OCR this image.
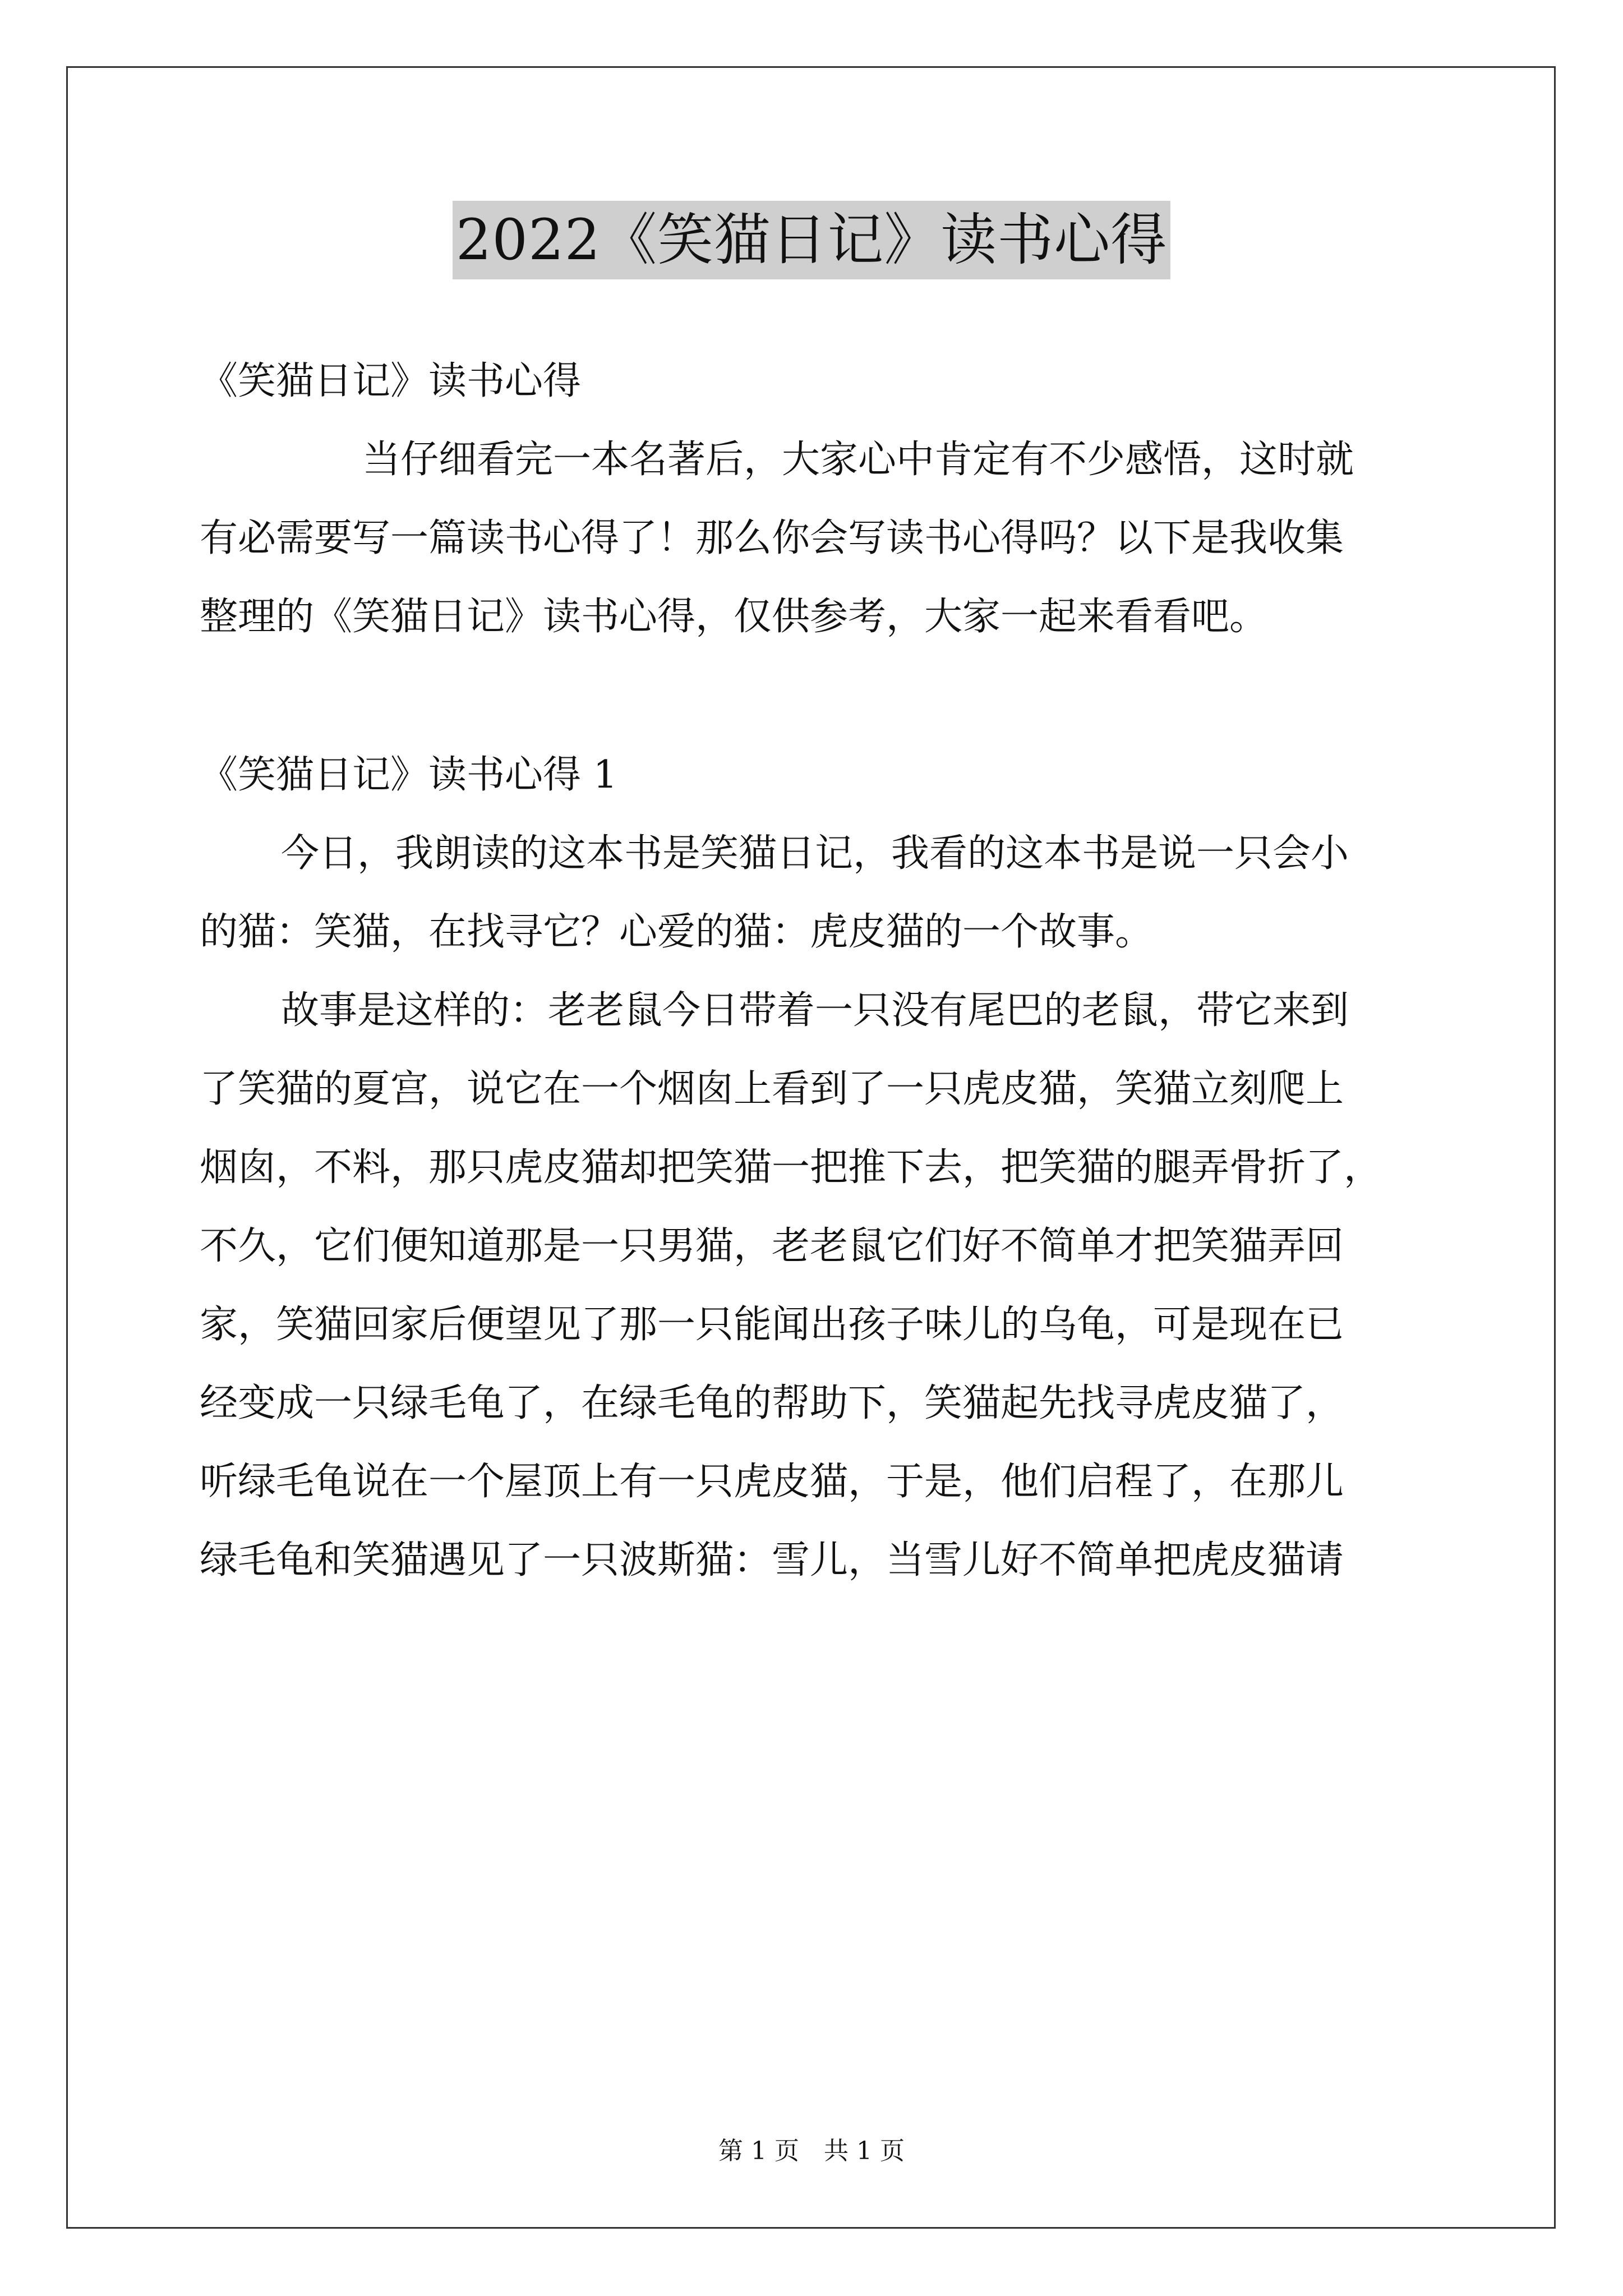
2022《笑猫日记》读书心得
《笑猫日记》读书心得
当仔细看完一本名著后，大家心中肯定有不少感悟，这时就
有必需要写一篇读书心得了！那么你会写读书心得吗？以下是我收集
整理的《笑猫日记》读书心得，仅供参考，大家一起来看看吧。
《笑猫日记》读书心得 1
今日，我朗读的这本书是笑猫日记，我看的这本书是说一只会小
的猫：笑猫，在找寻它？心爱的猫：虎皮猫的一个故事。
故事是这样的：老老鼠今日带着一只没有尾巴的老鼠，带它来到
了笑猫的夏宫，说它在一个烟囱上看到了一只虎皮猫，笑猫立刻爬上
烟囱，不料，那只虎皮猫却把笑猫一把推下去，把笑猫的腿弄骨折了，
不久，它们便知道那是一只男猫，老老鼠它们好不简单才把笑猫弄回
家，笑猫回家后便望见了那一只能闻出孩子味儿的乌龟，可是现在已
经变成一只绿毛龟了，在绿毛龟的帮助下，笑猫起先找寻虎皮猫了，
听绿毛龟说在一个屋顶上有一只虎皮猫，于是，他们启程了，在那儿
绿毛龟和笑猫遇见了一只波斯猫：雪儿，当雪儿好不简单把虎皮猫请
第 1 页　共 1 页
